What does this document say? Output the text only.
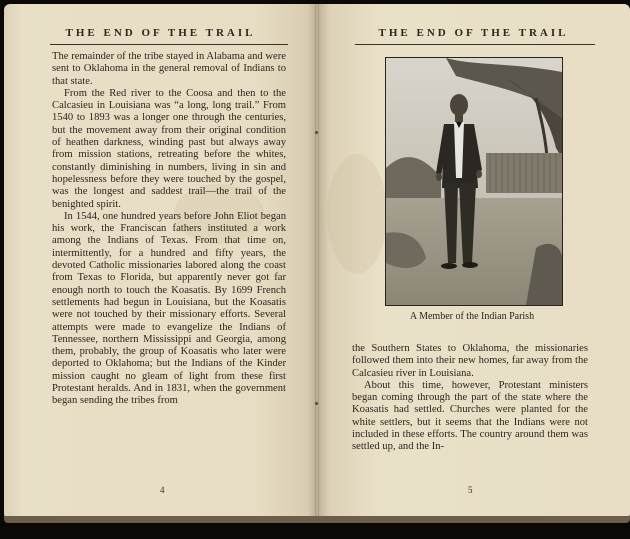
THE END OF THE TRAIL

The remainder of the tribe stayed in Alabama and were sent to Oklahoma in the general removal of Indians to that state.

From the Red river to the Coosa and then to the Calcasieu in Louisiana was “a long, long trail.” From 1540 to 1893 was a longer one through the centuries, but the movement away from their original condition of heathen darkness, winding past but always away from mission stations, retreating before the whites, constantly diminishing in numbers, living in sin and hopelessness before they were touched by the gospel, was the longest and saddest trail—the trail of the benighted spirit.

In 1544, one hundred years before John Eliot began his work, the Franciscan fathers instituted a work among the Indians of Texas. From that time on, intermittently, for a hundred and fifty years, the devoted Catholic missionaries labored along the coast from Texas to Florida, but apparently never got far enough north to touch the Koasatis. By 1699 French settlements had begun in Louisiana, but the Koasatis were not touched by their missionary efforts. Several attempts were made to evangelize the Indians of Tennessee, northern Mississippi and Georgia, among them, probably, the group of Koasatis who later were deported to Oklahoma; but the Indians of the Kinder mission caught no gleam of light from these first Protestant heralds. And in 1831, when the government began sending the tribes from

4
THE END OF THE TRAIL
A Member of the Indian Parish

the Southern States to Oklahoma, the missionaries followed them into their new homes, far away from the Calcasieu river in Louisiana.

About this time, however, Protestant ministers began coming through the part of the state where the Koasatis had settled. Churches were planted for the white settlers, but it seems that the Indians were not included in these efforts. The country around them was settled up, and the In-

5
